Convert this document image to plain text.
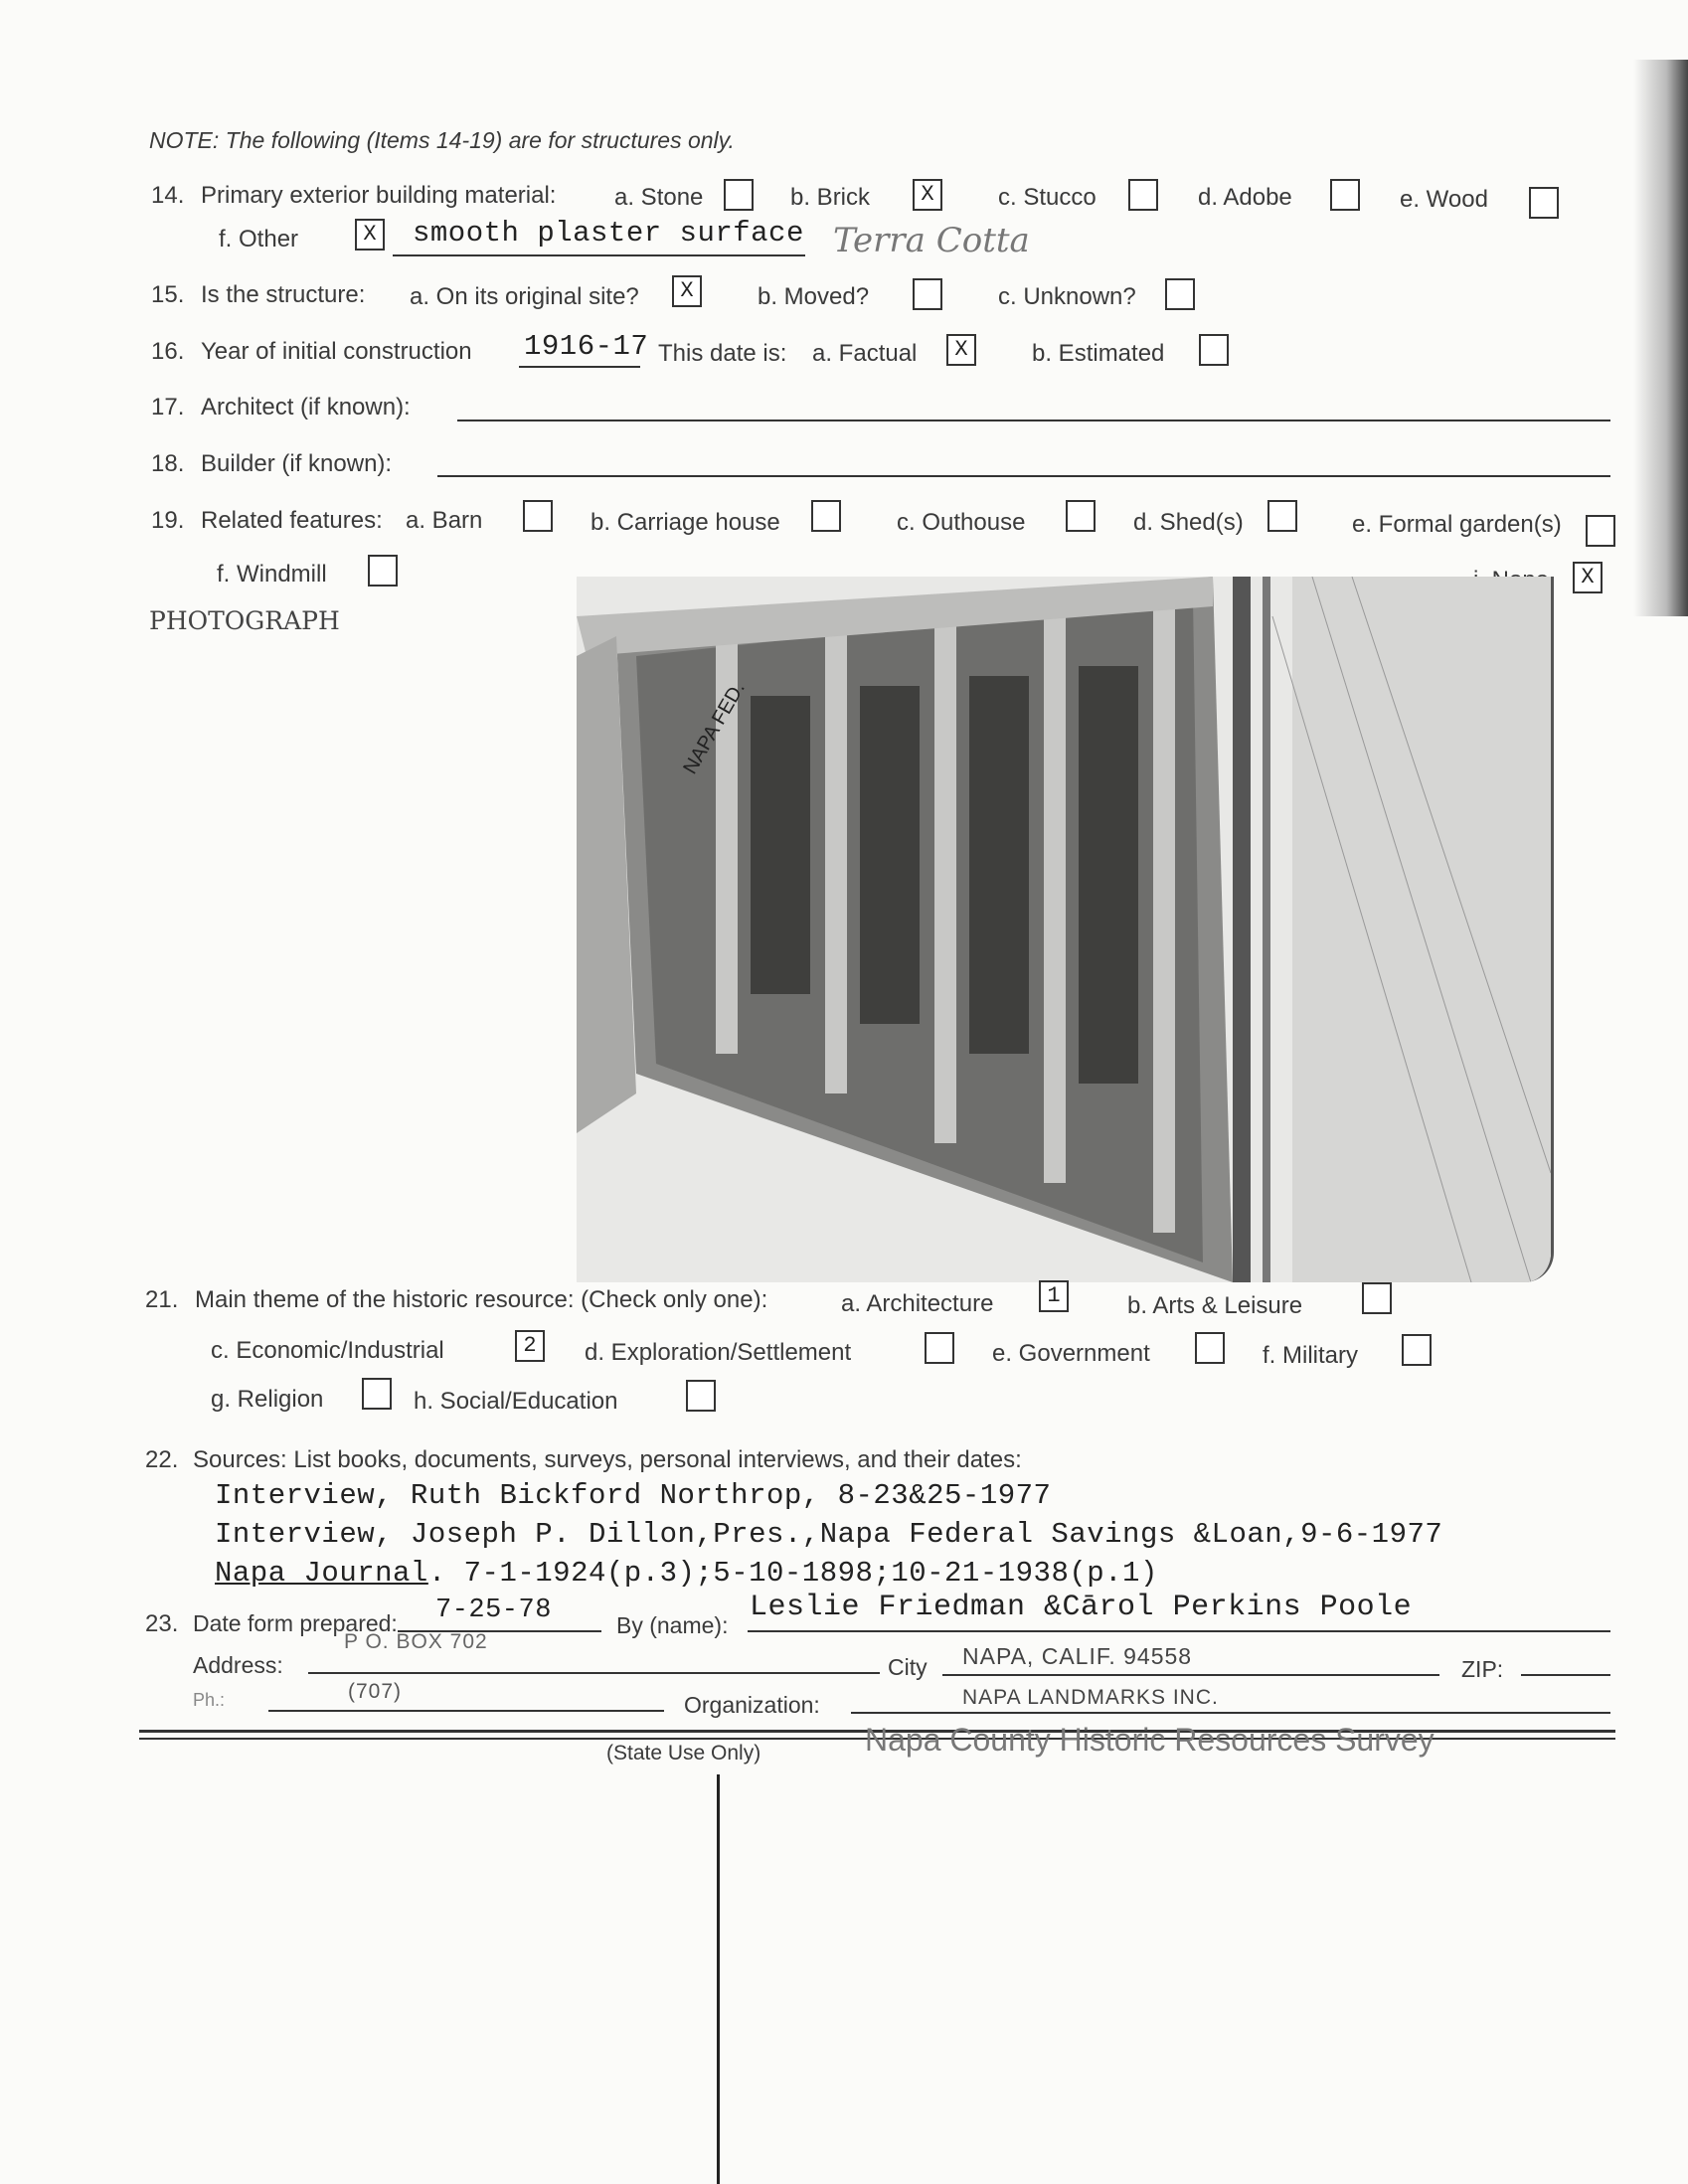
NOTE: The following (Items 14-19) are for structures only.
14. Primary exterior building material: a. Stone	b. Brick	X	c. Stucco	d. Adobe	e. Wood
f. Other	X smooth plaster surface Terra Cotta
15. Is the structure: a. On its original site?	X	b. Moved?	c. Unknown?
16. Year of initial construction 1916-17 This date is: a. Factual	X	b. Estimated
17. Architect (if known):
18. Builder (if known):
19. Related features: a. Barn	b. Carriage house	c. Outhouse	d. Shed(s)	e. Formal garden(s)
f. Windmill	X
PHOTOGRAPH
NAPA FED.
21. Main theme of the historic resource: (Check only one):	a. Architecture	1	b. Arts & Leisure
c. Economic/Industrial	2	d. Exploration/Settlement	e. Government	f. Military
g. Religion	h. Social/Education
22. Sources: List books, documents, surveys, personal interviews, and their dates:
Interview, Ruth Bickford Northrop, 8-23&25-1977
Interview, Joseph P. Dillon,Pres.,Napa Federal Savings &Loan,9-6-1977
Napa Journal. 7-1-1924(p.3);5-10-1898;10-21-1938(p.1)
23. Date form prepared: 7-25-78	By (name):
Leslie Friedman &Cārol Perkins Poole
Address:
P O. BOX 702
City NAPA, CALIF. 94558	ZIP:
Ph.:	(707)
Organization:	NAPA LANDMARKS INC.
Napa County Historic Resources Survey
(State Use Only)
